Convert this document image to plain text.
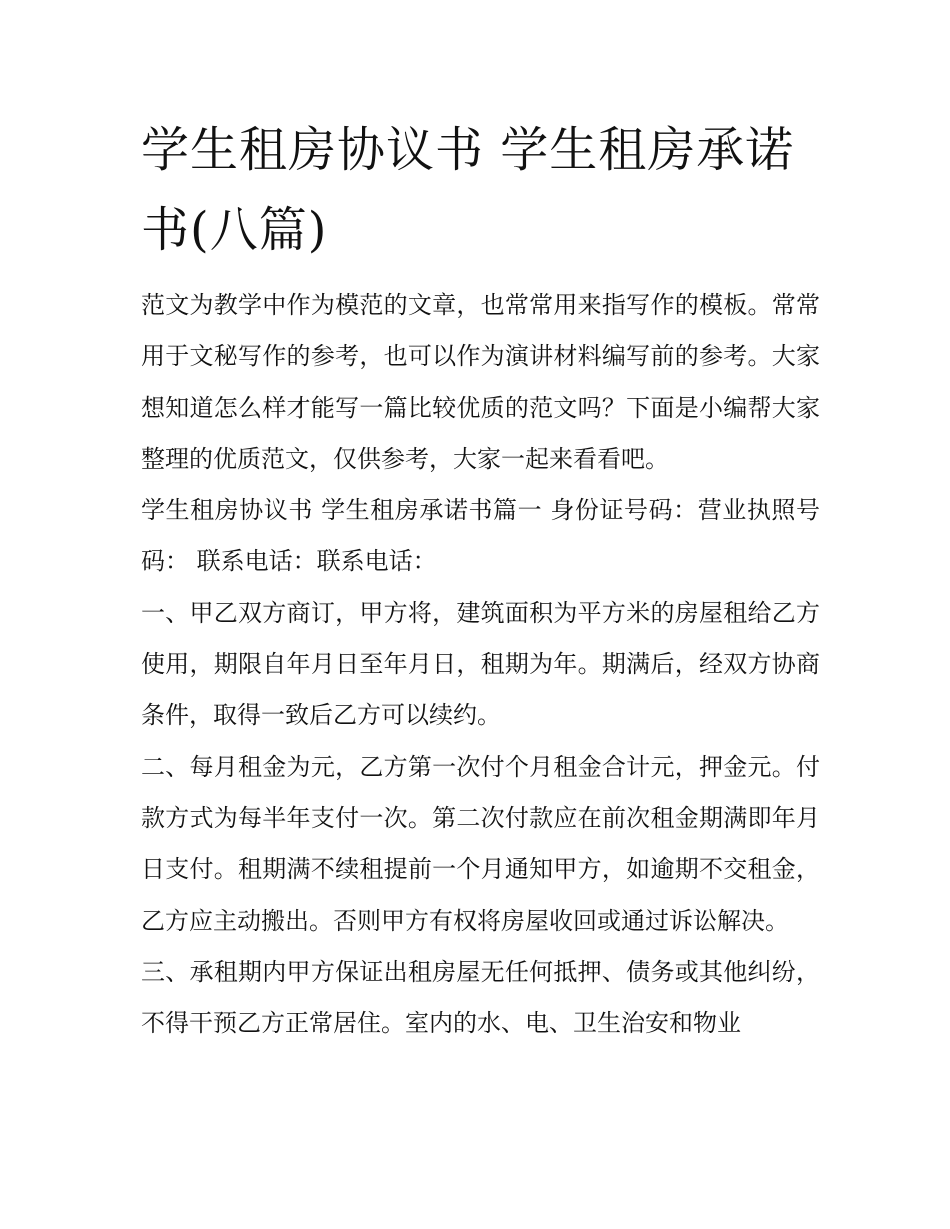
学生租房协议书 学生租房承诺书(八篇)

范文为教学中作为模范的文章，也常常用来指写作的模板。常常用于文秘写作的参考，也可以作为演讲材料编写前的参考。大家想知道怎么样才能写一篇比较优质的范文吗？下面是小编帮大家整理的优质范文，仅供参考，大家一起来看看吧。

学生租房协议书 学生租房承诺书篇一 身份证号码：营业执照号码： 联系电话：联系电话：

一、甲乙双方商订，甲方将，建筑面积为平方米的房屋租给乙方使用，期限自年月日至年月日，租期为年。期满后，经双方协商条件，取得一致后乙方可以续约。

二、每月租金为元，乙方第一次付个月租金合计元，押金元。付款方式为每半年支付一次。第二次付款应在前次租金期满即年月日支付。租期满不续租提前一个月通知甲方，如逾期不交租金，乙方应主动搬出。否则甲方有权将房屋收回或通过诉讼解决。

三、承租期内甲方保证出租房屋无任何抵押、债务或其他纠纷，不得干预乙方正常居住。室内的水、电、卫生治安和物业
